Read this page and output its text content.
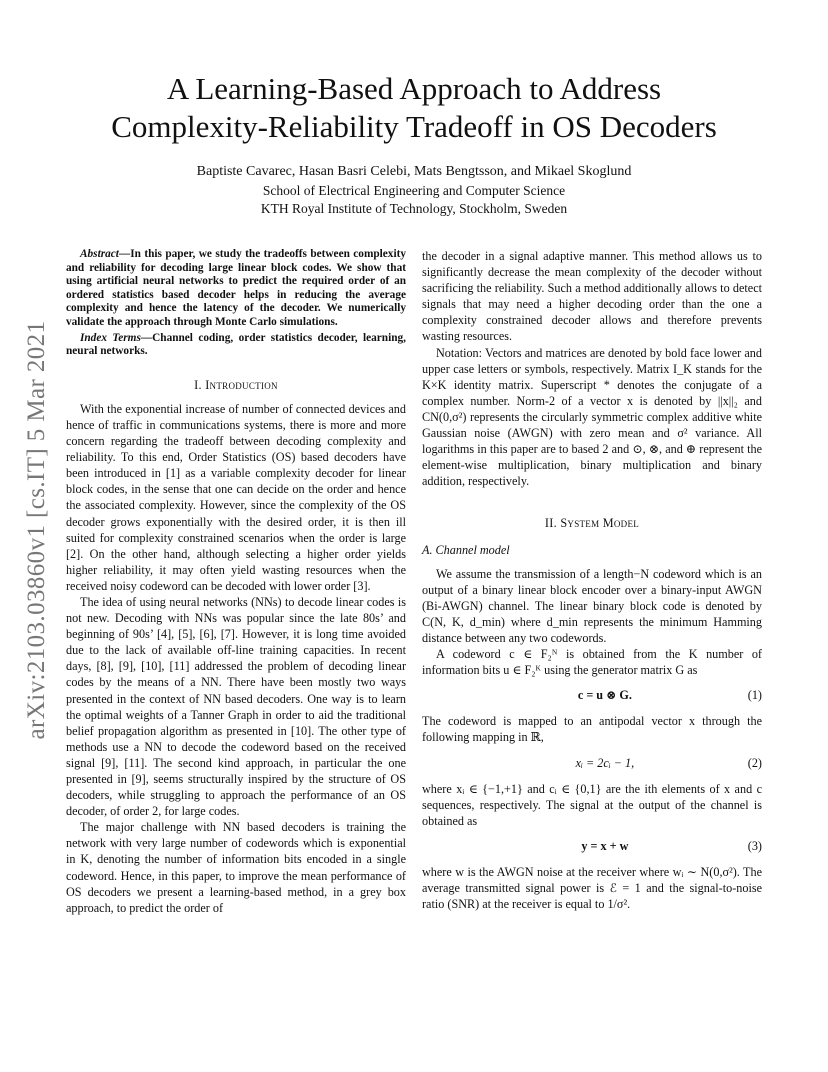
arXiv:2103.03860v1 [cs.IT] 5 Mar 2021
A Learning-Based Approach to Address
Complexity-Reliability Tradeoff in OS Decoders
Baptiste Cavarec, Hasan Basri Celebi, Mats Bengtsson, and Mikael Skoglund
School of Electrical Engineering and Computer Science
KTH Royal Institute of Technology, Stockholm, Sweden

Abstract—In this paper, we study the tradeoffs between complexity and reliability for decoding large linear block codes. We show that using artificial neural networks to predict the required order of an ordered statistics based decoder helps in reducing the average complexity and hence the latency of the decoder. We numerically validate the approach through Monte Carlo simulations.

Index Terms—Channel coding, order statistics decoder, learning, neural networks.

I. Introduction

With the exponential increase of number of connected devices and hence of traffic in communications systems, there is more and more concern regarding the tradeoff between decoding complexity and reliability. To this end, Order Statistics (OS) based decoders have been introduced in [1] as a variable complexity decoder for linear block codes, in the sense that one can decide on the order and hence the associated complexity. However, since the complexity of the OS decoder grows exponentially with the desired order, it is then ill suited for complexity constrained scenarios when the order is large [2]. On the other hand, although selecting a higher order yields higher reliability, it may often yield wasting resources when the received noisy codeword can be decoded with lower order [3].

The idea of using neural networks (NNs) to decode linear codes is not new. Decoding with NNs was popular since the late 80s’ and beginning of 90s’ [4], [5], [6], [7]. However, it is long time avoided due to the lack of available off-line training capacities. In recent days, [8], [9], [10], [11] addressed the problem of decoding linear codes by the means of a NN. There have been mostly two ways presented in the context of NN based decoders. One way is to learn the optimal weights of a Tanner Graph in order to aid the traditional belief propagation algorithm as presented in [10]. The other type of methods use a NN to decode the codeword based on the received signal [9], [11]. The second kind approach, in particular the one presented in [9], seems structurally inspired by the structure of OS decoders, while struggling to approach the performance of an OS decoder, of order 2, for large codes.

The major challenge with NN based decoders is training the network with very large number of codewords which is exponential in K, denoting the number of information bits encoded in a single codeword. Hence, in this paper, to improve the mean performance of OS decoders we present a learning-based method, in a grey box approach, to predict the order of

the decoder in a signal adaptive manner. This method allows us to significantly decrease the mean complexity of the decoder without sacrificing the reliability. Such a method additionally allows to detect signals that may need a higher decoding order than the one a complexity constrained decoder allows and therefore prevents wasting resources.

Notation: Vectors and matrices are denoted by bold face lower and upper case letters or symbols, respectively. Matrix I_K stands for the K×K identity matrix. Superscript * denotes the conjugate of a complex number. Norm-2 of a vector x is denoted by ||x||₂ and CN(0,σ²) represents the circularly symmetric complex additive white Gaussian noise (AWGN) with zero mean and σ² variance. All logarithms in this paper are to based 2 and ⊙, ⊗, and ⊕ represent the element-wise multiplication, binary multiplication and binary addition, respectively.

II. System Model
A. Channel model

We assume the transmission of a length−N codeword which is an output of a binary linear block encoder over a binary-input AWGN (Bi-AWGN) channel. The linear binary block code is denoted by C(N, K, d_min) where d_min represents the minimum Hamming distance between any two codewords.

A codeword c ∈ F₂ᴺ is obtained from the K number of information bits u ∈ F₂ᴷ using the generator matrix G as

c = u ⊗ G.	(1)

The codeword is mapped to an antipodal vector x through the following mapping in ℝ,

xᵢ = 2cᵢ − 1,	(2)

where xᵢ ∈ {−1,+1} and cᵢ ∈ {0,1} are the ith elements of x and c sequences, respectively. The signal at the output of the channel is obtained as

y = x + w	(3)

where w is the AWGN noise at the receiver where wᵢ ∼ N(0,σ²). The average transmitted signal power is ℰ = 1 and the signal-to-noise ratio (SNR) at the receiver is equal to 1/σ².
